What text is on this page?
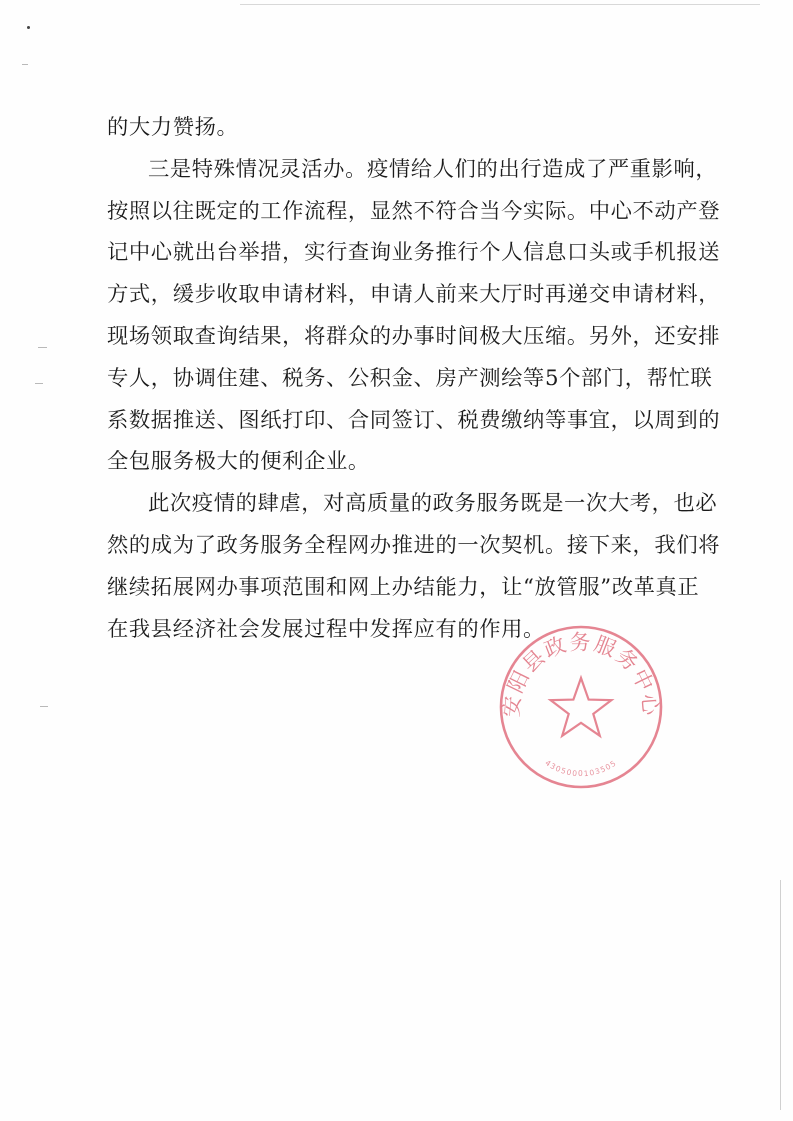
的大力赞扬。
三是特殊情况灵活办。疫情给人们的出行造成了严重影响，
按照以往既定的工作流程，显然不符合当今实际。中心不动产登
记中心就出台举措，实行查询业务推行个人信息口头或手机报送
方式，缓步收取申请材料，申请人前来大厅时再递交申请材料，
现场领取查询结果，将群众的办事时间极大压缩。另外，还安排
专人，协调住建、税务、公积金、房产测绘等5个部门，帮忙联
系数据推送、图纸打印、合同签订、税费缴纳等事宜，以周到的
全包服务极大的便利企业。
此次疫情的肆虐，对高质量的政务服务既是一次大考，也必
然的成为了政务服务全程网办推进的一次契机。接下来，我们将
继续拓展网办事项范围和网上办结能力，让“放管服”改革真正
在我县经济社会发展过程中发挥应有的作用。
安阳县政务服务中心
4305000103505
